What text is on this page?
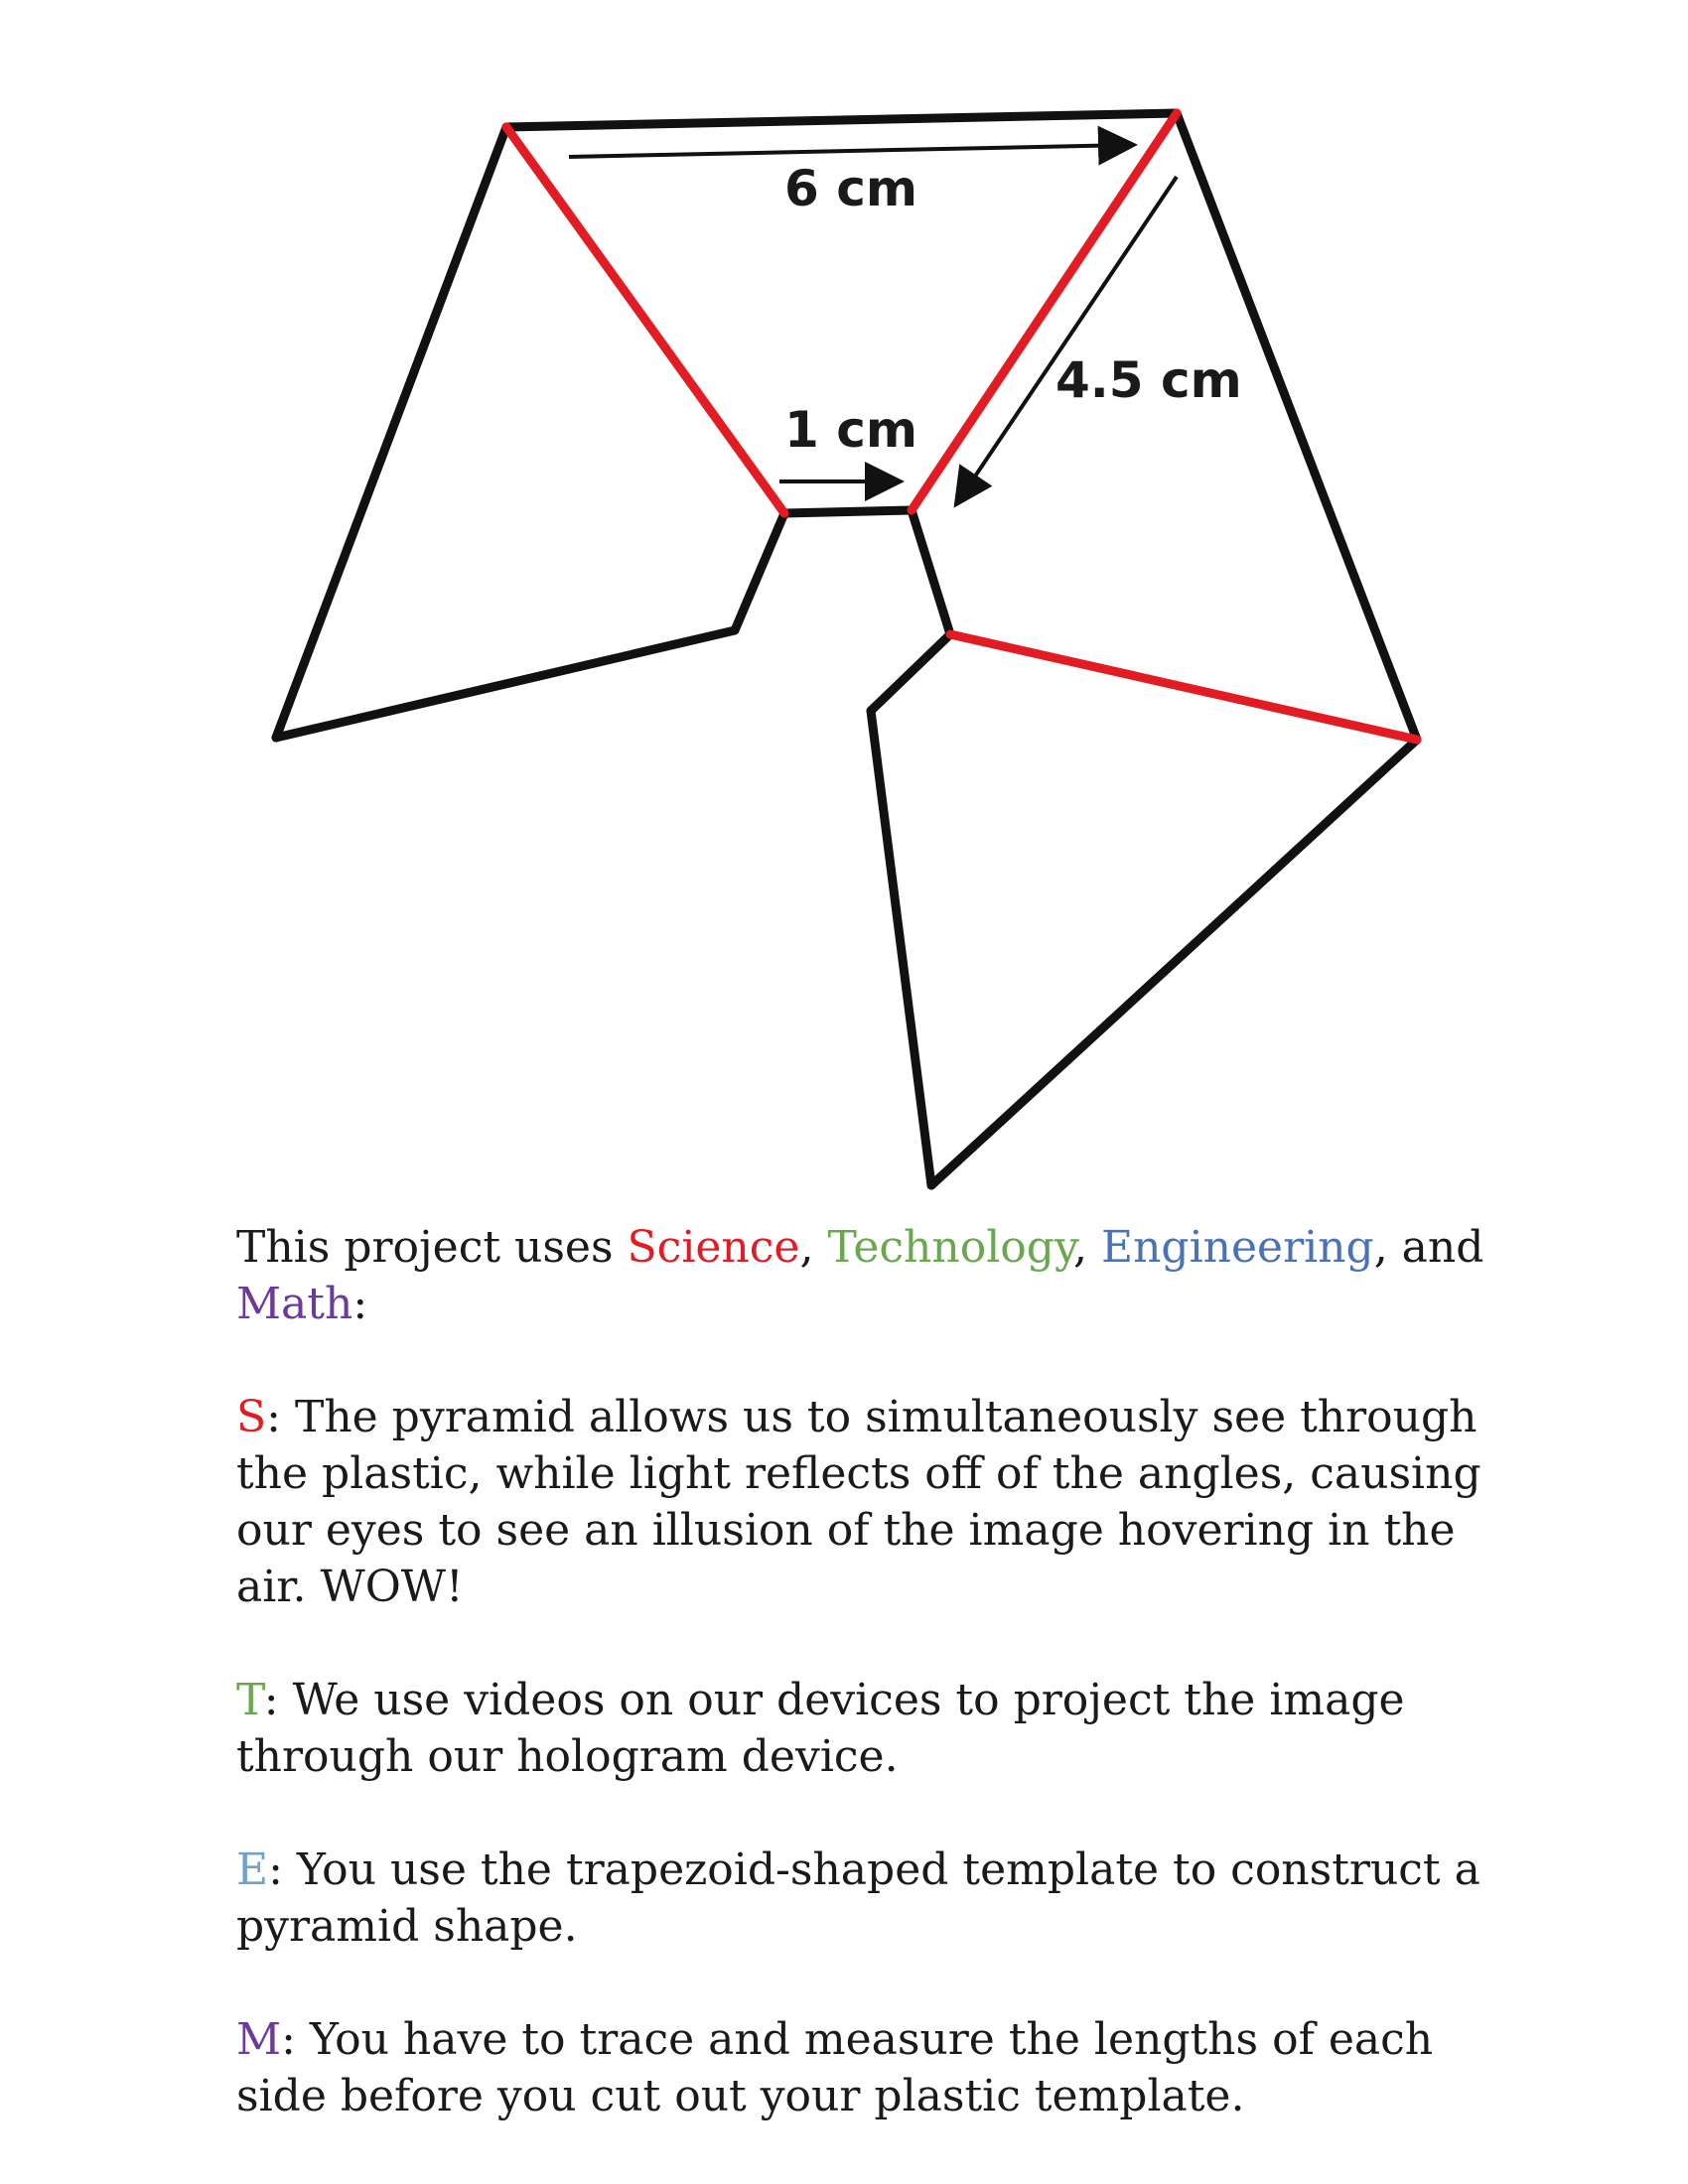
6 cm
4.5 cm
1 cm

This project uses Science, Technology, Engineering, and Math:

S: The pyramid allows us to simultaneously see through the plastic, while light reflects off of the angles, causing our eyes to see an illusion of the image hovering in the air. WOW!

T: We use videos on our devices to project the image through our hologram device.

E: You use the trapezoid-shaped template to construct a pyramid shape.

M: You have to trace and measure the lengths of each side before you cut out your plastic template.
